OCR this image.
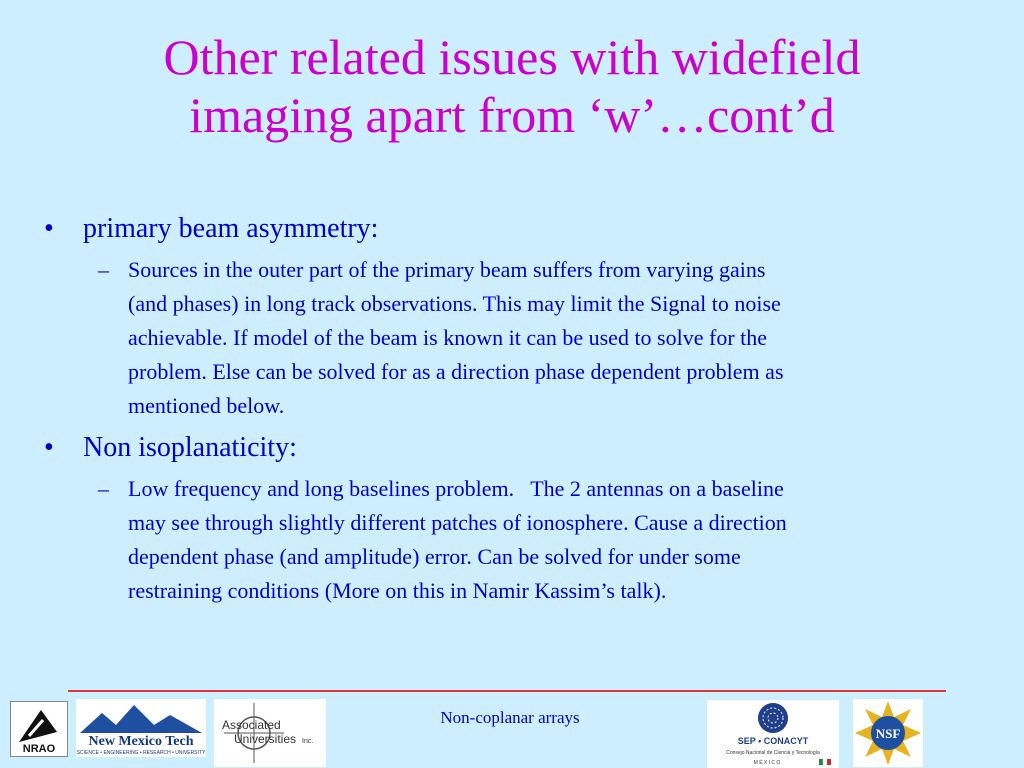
Other related issues with widefield
imaging apart from ‘w’…cont’d
•	primary beam asymmetry:
– Sources in the outer part of the primary beam suffers from varying gains
(and phases) in long track observations. This may limit the Signal to noise
achievable. If model of the beam is known it can be used to solve for the
problem. Else can be solved for as a direction phase dependent problem as
mentioned below.
•	Non isoplanaticity:
– Low frequency and long baselines problem.   The 2 antennas on a baseline
may see through slightly different patches of ionosphere. Cause a direction
dependent phase (and amplitude) error. Can be solved for under some
restraining conditions (More on this in Namir Kassim’s talk).
Non-coplanar arrays
NRAO New Mexico Tech
SCIENCE • ENGINEERING • RESEARCH • UNIVERSITY
Associated
Universities Inc.	SEP • CONACYT
Consejo Nacional de Ciencia y Tecnología
M É X I C O
NSF
